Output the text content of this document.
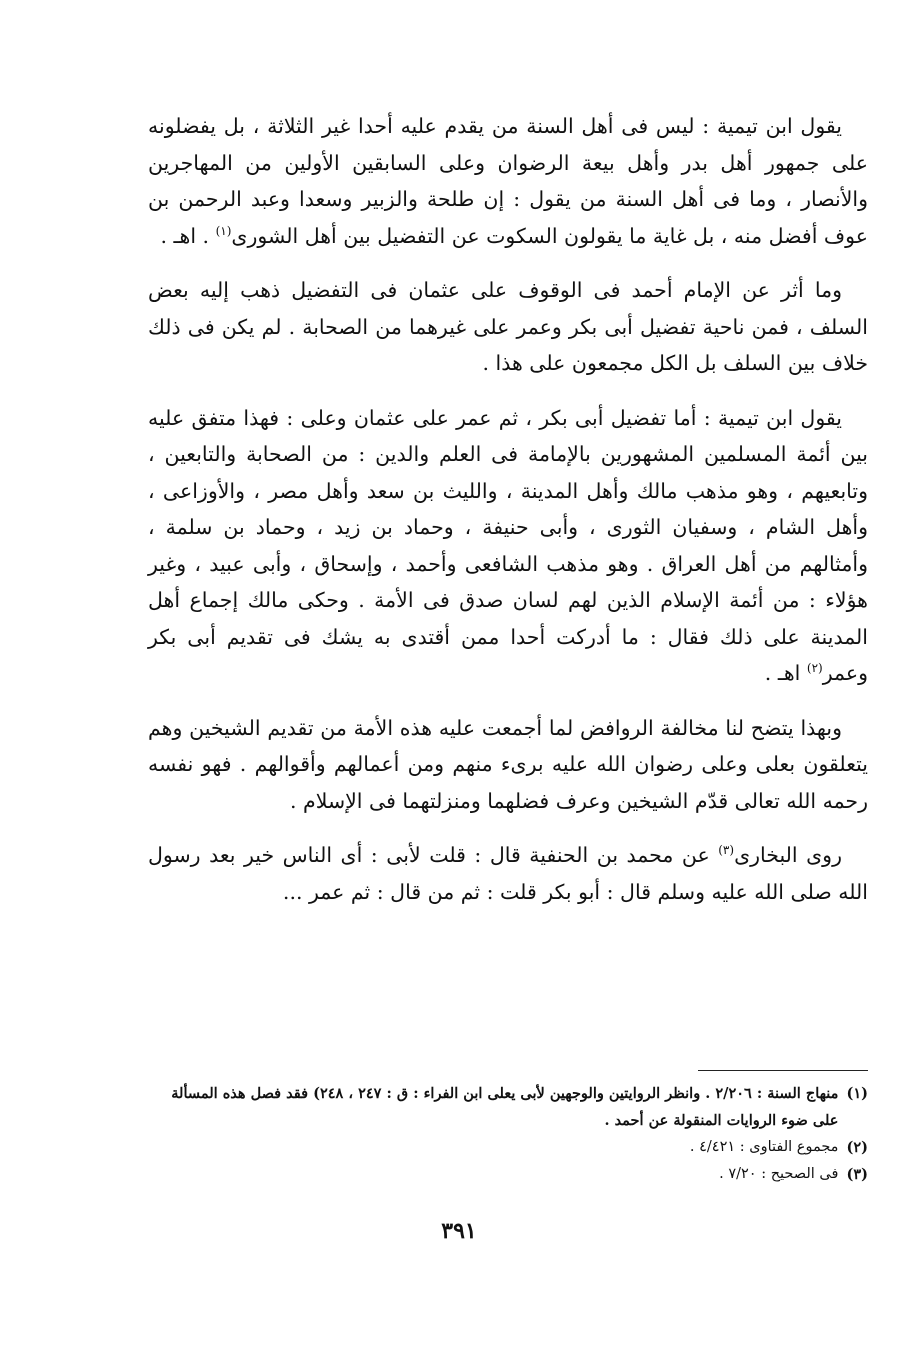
يقول ابن تيمية : ليس فى أهل السنة من يقدم عليه أحدا غير الثلاثة ، بل يفضلونه على جمهور أهل بدر وأهل بيعة الرضوان وعلى السابقين الأولين من المهاجرين والأنصار ، وما فى أهل السنة من يقول : إن طلحة والزبير وسعدا وعبد الرحمن بن عوف أفضل منه ، بل غاية ما يقولون السكوت عن التفضيل بين أهل الشورى$^{(١)}$ . اهـ .

وما أثر عن الإمام أحمد فى الوقوف على عثمان فى التفضيل ذهب إليه بعض السلف ، فمن ناحية تفضيل أبى بكر وعمر على غيرهما من الصحابة . لم يكن فى ذلك خلاف بين السلف بل الكل مجمعون على هذا .

يقول ابن تيمية : أما تفضيل أبى بكر ، ثم عمر على عثمان وعلى : فهذا متفق عليه بين أئمة المسلمين المشهورين بالإمامة فى العلم والدين : من الصحابة والتابعين ، وتابعيهم ، وهو مذهب مالك وأهل المدينة ، والليث بن سعد وأهل مصر ، والأوزاعى ، وأهل الشام ، وسفيان الثورى ، وأبى حنيفة ، وحماد بن زيد ، وحماد بن سلمة ، وأمثالهم من أهل العراق . وهو مذهب الشافعى وأحمد ، وإسحاق ، وأبى عبيد ، وغير هؤلاء : من أئمة الإسلام الذين لهم لسان صدق فى الأمة . وحكى مالك إجماع أهل المدينة على ذلك فقال : ما أدركت أحدا ممن أقتدى به يشك فى تقديم أبى بكر وعمر$^{(٢)}$ اهـ .

وبهذا يتضح لنا مخالفة الروافض لما أجمعت عليه هذه الأمة من تقديم الشيخين وهم يتعلقون بعلى وعلى رضوان الله عليه برىء منهم ومن أعمالهم وأقوالهم . فهو نفسه رحمه الله تعالى قدّم الشيخين وعرف فضلهما ومنزلتهما فى الإسلام .

روى البخارى$^{(٣)}$ عن محمد بن الحنفية قال : قلت لأبى : أى الناس خير بعد رسول الله صلى الله عليه وسلم قال : أبو بكر قلت : ثم من قال : ثم عمر ...

(١)
منهاج السنة : ٢/٢٠٦ . وانظر الروايتين والوجهين لأبى يعلى ابن الفراء : ق : ٢٤٧ ، ٢٤٨) فقد فصل هذه المسألة على ضوء الروايات المنقولة عن أحمد .

(٢)
مجموع الفتاوى : ٤/٤٢١ .

(٣)
فى الصحيح : ٧/٢٠ .

٣٩١
